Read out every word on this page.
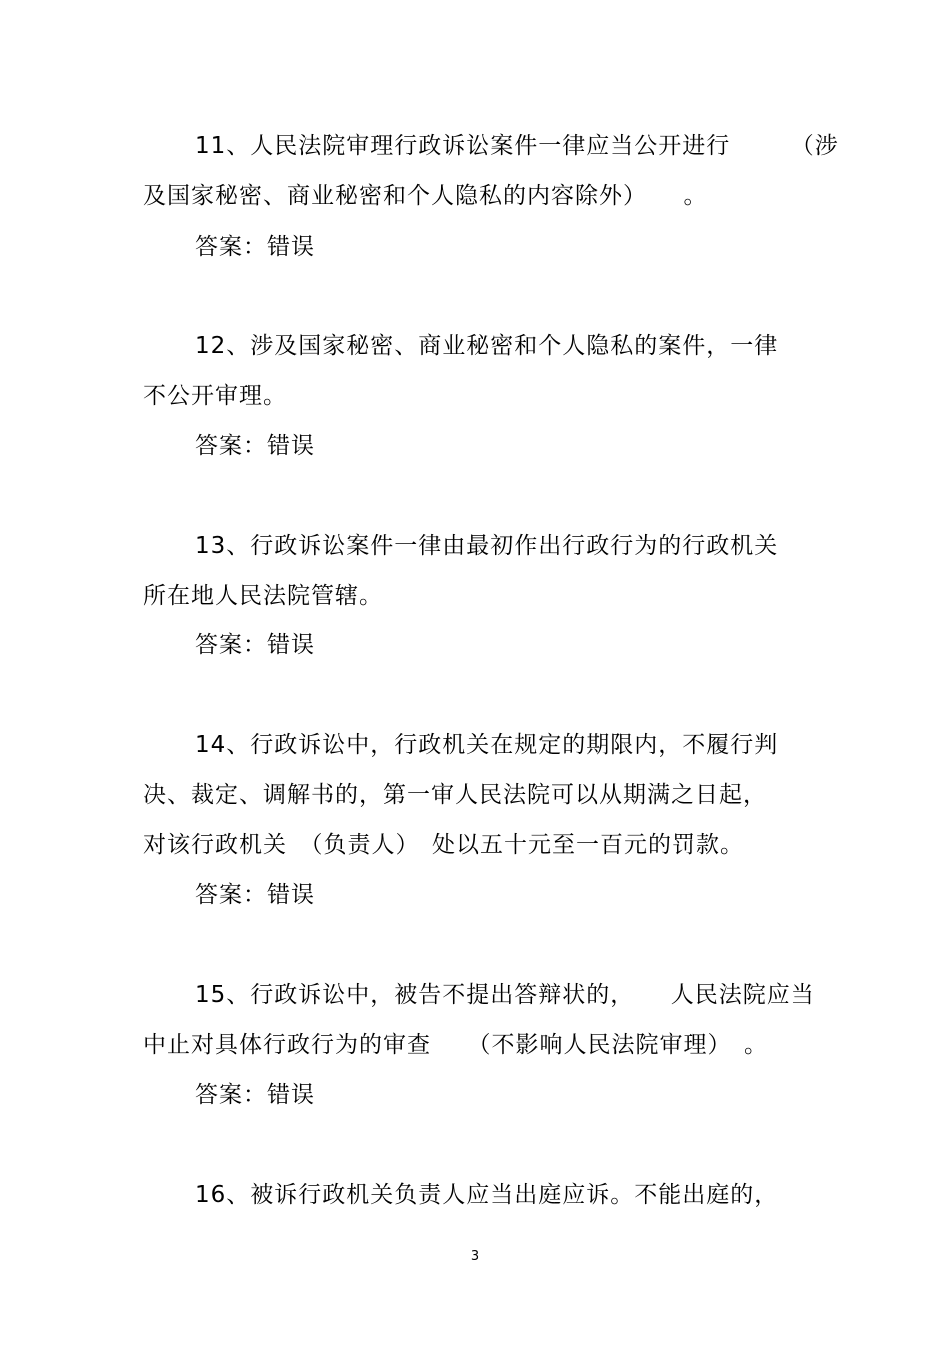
11、人民法院审理行政诉讼案件一律应当公开进行　　　（涉
及国家秘密、商业秘密和个人隐私的内容除外）　　。
答案：错误
12、涉及国家秘密、商业秘密和个人隐私的案件，一律
不公开审理。
答案：错误
13、行政诉讼案件一律由最初作出行政行为的行政机关
所在地人民法院管辖。
答案：错误
14、行政诉讼中，行政机关在规定的期限内，不履行判
决、裁定、调解书的，第一审人民法院可以从期满之日起，
对该行政机关　（负责人）　处以五十元至一百元的罚款。
答案：错误
15、行政诉讼中，被告不提出答辩状的，　　人民法院应当
中止对具体行政行为的审查　　（不影响人民法院审理）　。
答案：错误
16、被诉行政机关负责人应当出庭应诉。不能出庭的，
3
